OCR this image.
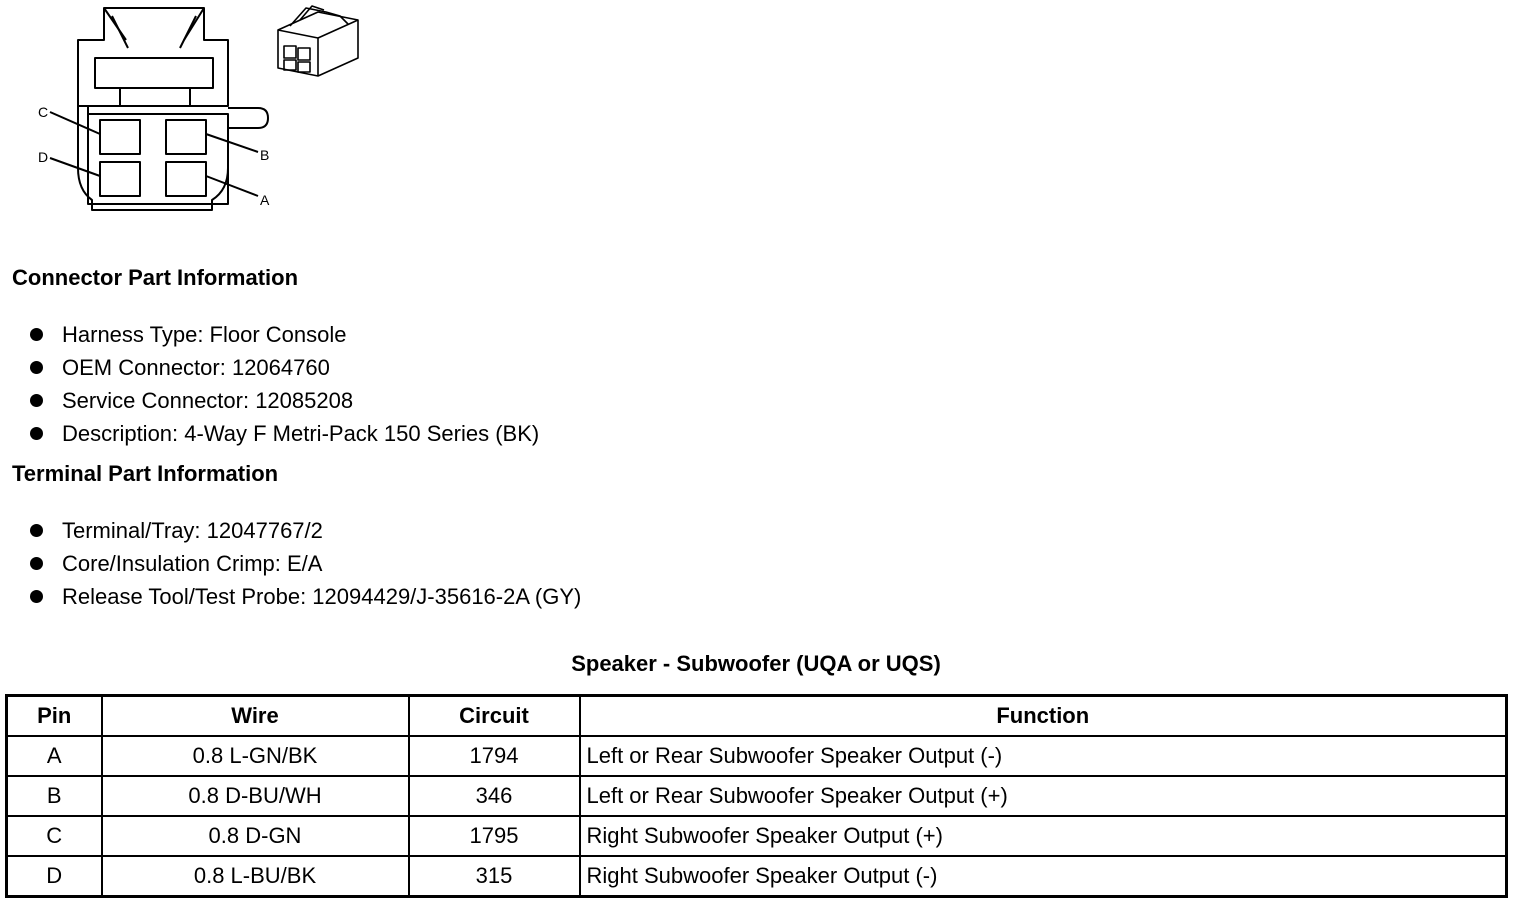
C
D	B
A
Connector Part Information
Harness Type: Floor Console
OEM Connector: 12064760
Service Connector: 12085208
Description: 4-Way F Metri-Pack 150 Series (BK)
Terminal Part Information
Terminal/Tray: 12047767/2
Core/Insulation Crimp: E/A
Release Tool/Test Probe: 12094429/J-35616-2A (GY)
Speaker - Subwoofer (UQA or UQS)
Pin	Wire	Circuit	Function
A	0.8 L-GN/BK	1794	Left or Rear Subwoofer Speaker Output (-)
B	0.8 D-BU/WH	346	Left or Rear Subwoofer Speaker Output (+)
C	0.8 D-GN	1795	Right Subwoofer Speaker Output (+)
D	0.8 L-BU/BK	315	Right Subwoofer Speaker Output (-)
